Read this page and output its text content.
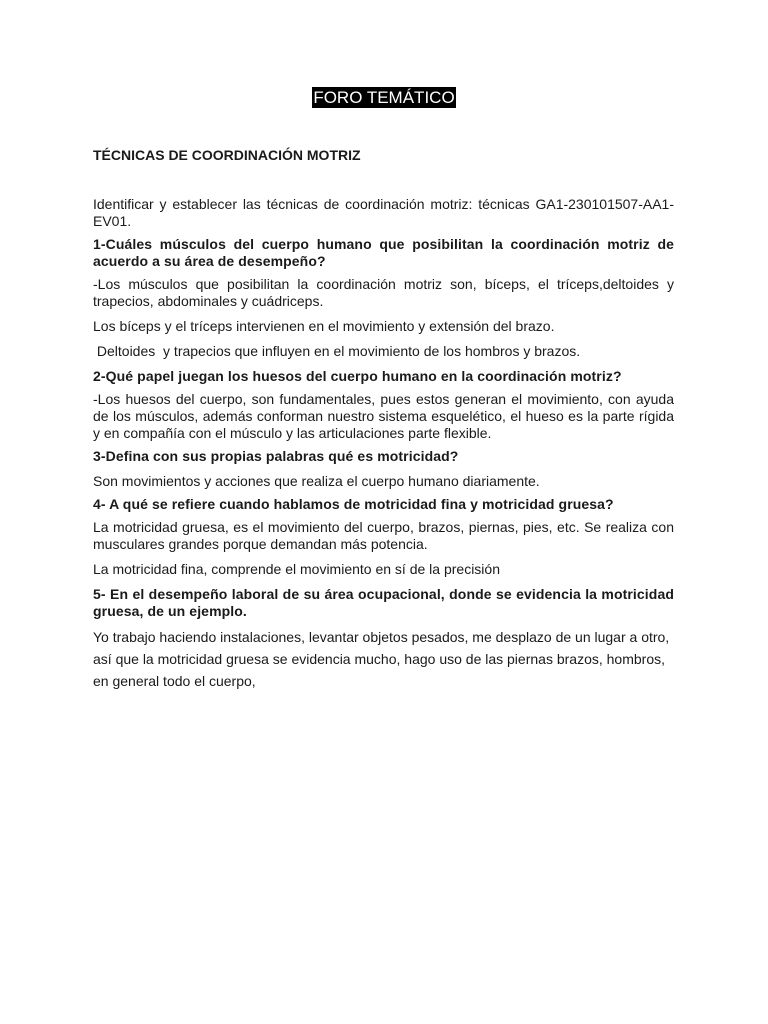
FORO TEMÁTICO
TÉCNICAS DE COORDINACIÓN MOTRIZ

Identificar y establecer las técnicas de coordinación motriz: técnicas GA1-230101507-AA1-EV01.

1-Cuáles músculos del cuerpo humano que posibilitan la coordinación motriz de acuerdo a su área de desempeño?

-Los músculos que posibilitan la coordinación motriz son, bíceps, el tríceps,deltoides y trapecios, abdominales y cuádriceps.

Los bíceps y el tríceps intervienen en el movimiento y extensión del brazo.

Deltoides  y trapecios que influyen en el movimiento de los hombros y brazos.

2-Qué papel juegan los huesos del cuerpo humano en la coordinación motriz?

-Los huesos del cuerpo, son fundamentales, pues estos generan el movimiento, con ayuda de los músculos, además conforman nuestro sistema esquelético, el hueso es la parte rígida y en compañía con el músculo y las articulaciones parte flexible.

3-Defina con sus propias palabras qué es motricidad?

Son movimientos y acciones que realiza el cuerpo humano diariamente.

4- A qué se refiere cuando hablamos de motricidad fina y motricidad gruesa?

La motricidad gruesa, es el movimiento del cuerpo, brazos, piernas, pies, etc. Se realiza con musculares grandes porque demandan más potencia.

La motricidad fina, comprende el movimiento en sí de la precisión

5- En el desempeño laboral de su área ocupacional, donde se evidencia la motricidad gruesa, de un ejemplo.

Yo trabajo haciendo instalaciones, levantar objetos pesados, me desplazo de un lugar a otro, así que la motricidad gruesa se evidencia mucho, hago uso de las piernas brazos, hombros, en general todo el cuerpo,
